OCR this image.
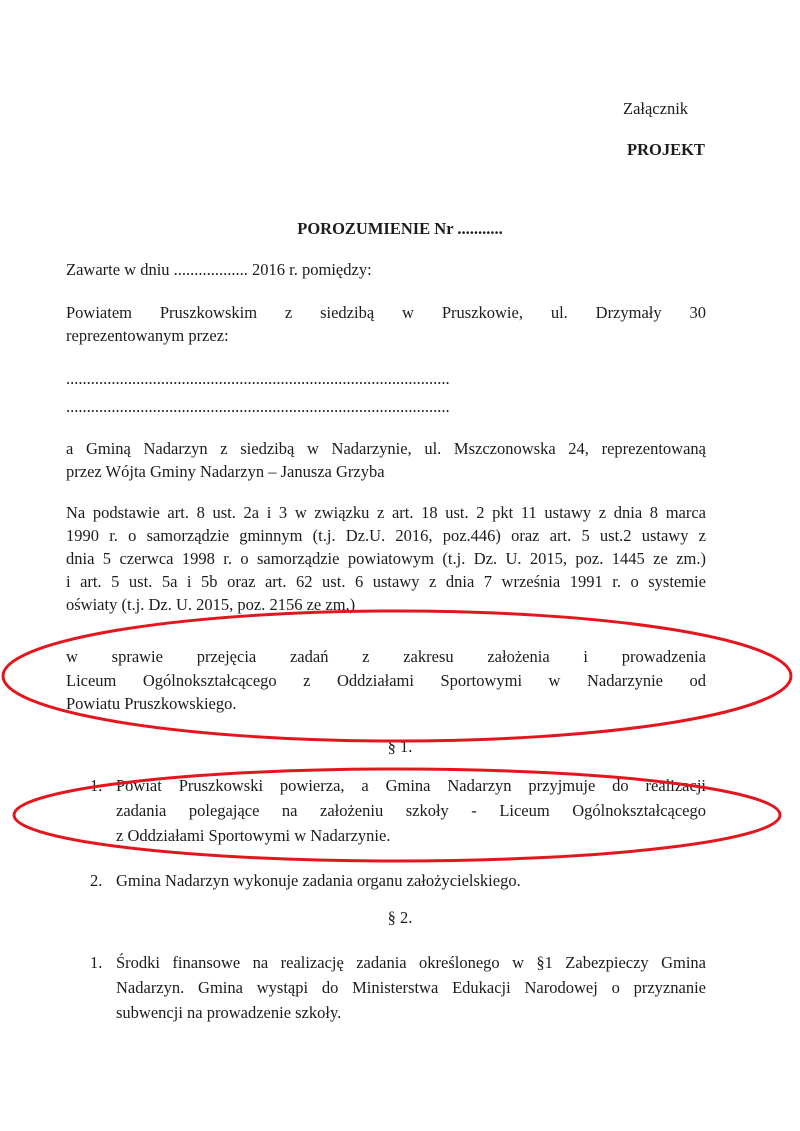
Załącznik
PROJEKT
POROZUMIENIE Nr ...........
Zawarte w dniu .................. 2016 r. pomiędzy:
Powiatem Pruszkowskim z siedzibą w Pruszkowie, ul. Drzymały 30
reprezentowanym przez:
.............................................................................................
.............................................................................................
a Gminą Nadarzyn z siedzibą w Nadarzynie, ul. Mszczonowska 24, reprezentowaną
przez Wójta Gminy Nadarzyn – Janusza Grzyba
Na podstawie art. 8 ust. 2a i 3 w związku z art. 18 ust. 2 pkt 11 ustawy z dnia 8 marca
1990 r. o samorządzie gminnym (t.j. Dz.U. 2016, poz.446) oraz art. 5 ust.2 ustawy z
dnia 5 czerwca 1998 r. o samorządzie powiatowym (t.j. Dz. U. 2015, poz. 1445 ze zm.)
i art. 5 ust. 5a i 5b oraz art. 62 ust. 6 ustawy z dnia 7 września 1991 r. o systemie
oświaty (t.j. Dz. U. 2015, poz. 2156 ze zm.)
w sprawie przejęcia zadań z zakresu założenia i prowadzenia
Liceum Ogólnokształcącego z Oddziałami Sportowymi w Nadarzynie od
Powiatu Pruszkowskiego.
§ 1.
1. Powiat Pruszkowski powierza, a Gmina Nadarzyn przyjmuje do realizacji
zadania polegające na założeniu szkoły - Liceum Ogólnokształcącego
z Oddziałami Sportowymi w Nadarzynie.
2. Gmina Nadarzyn wykonuje zadania organu założycielskiego.
§ 2.
1. Środki finansowe na realizację zadania określonego w §1 Zabezpieczy Gmina
Nadarzyn. Gmina wystąpi do Ministerstwa Edukacji Narodowej o przyznanie
subwencji na prowadzenie szkoły.
